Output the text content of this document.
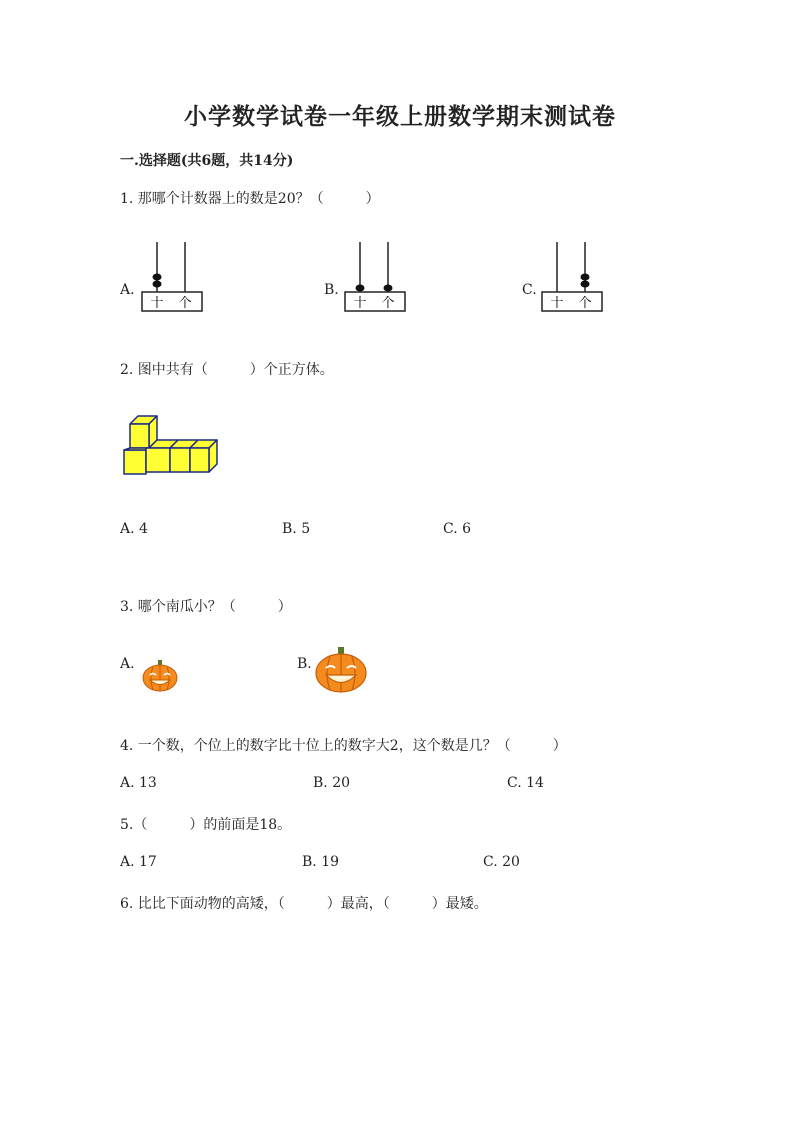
小学数学试卷一年级上册数学期末测试卷
一.选择题(共6题，共14分)
1. 那哪个计数器上的数是20？（　　　）
A.
十 个
B.
十 个
C.
十 个
2. 图中共有（　　　）个正方体。
A. 4	B. 5	C. 6
3. 哪个南瓜小？（　　　）
A.	B.
4. 一个数，个位上的数字比十位上的数字大2，这个数是几？（　　　）
A. 13	B. 20	C. 14
5.（　　　）的前面是18。
A. 17	B. 19	C. 20
6. 比比下面动物的高矮，（　　　）最高，（　　　）最矮。
